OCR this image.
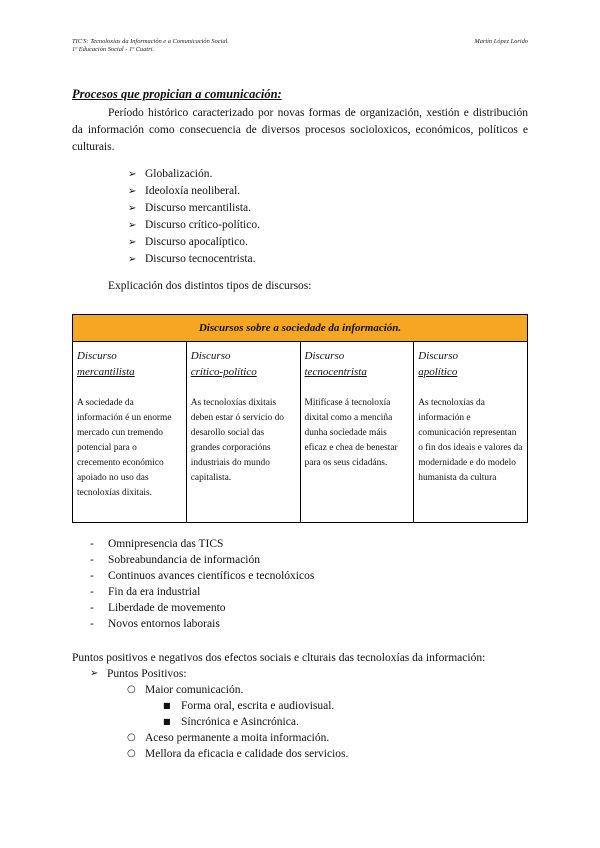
TIC'S: Tecnoloxías da Información e a Comunicación Social.
1º Educación Social - 1º Cuatri.
Martín López Lorido
Procesos que propician a comunicación:

Período histórico caracterizado por novas formas de organización, xestión e distribución da información como consecuencia de diversos procesos socioloxicos, económicos, políticos e culturais.

➢ Globalización.
➢ Ideoloxía neoliberal.
➢ Discurso mercantilista.
➢ Discurso crítico-político.
➢ Discurso apocalíptico.
➢ Discurso tecnocentrista.
Explicación dos distintos tipos de discursos:
Discursos sobre a sociedade da información.
Discurso
mercantilista
A sociedade da información é un enorme mercado cun tremendo potencial para o crecemento económico apoiado no uso das tecnoloxías dixitais.
Discurso
crítico-político
As tecnoloxías dixitais deben estar ó servicio do desarollo social das grandes corporacións industriais do mundo capitalista.
Discurso
tecnocentrista
Mitifícase á tecnoloxía dixital como a menciña dunha sociedade máis eficaz e chea de benestar para os seus cidadáns.
Discurso
apolítico
As tecnoloxías da información e comunicación representan o fin dos ideais e valores da modernidade e do modelo humanista da cultura
- Omnipresencia das TICS
- Sobreabundancia de información
- Continuos avances científicos e tecnolóxicos
- Fin da era industrial
- Liberdade de movemento
- Novos entornos laborais
Puntos positivos e negativos dos efectos sociais e clturais das tecnoloxías da información:
➢ Puntos Positivos:
○ Maior comunicación.
■ Forma oral, escrita e audiovisual.
■ Síncrónica e Asincrónica.
○ Aceso permanente a moita información.
○ Mellora da eficacia e calidade dos servicios.
